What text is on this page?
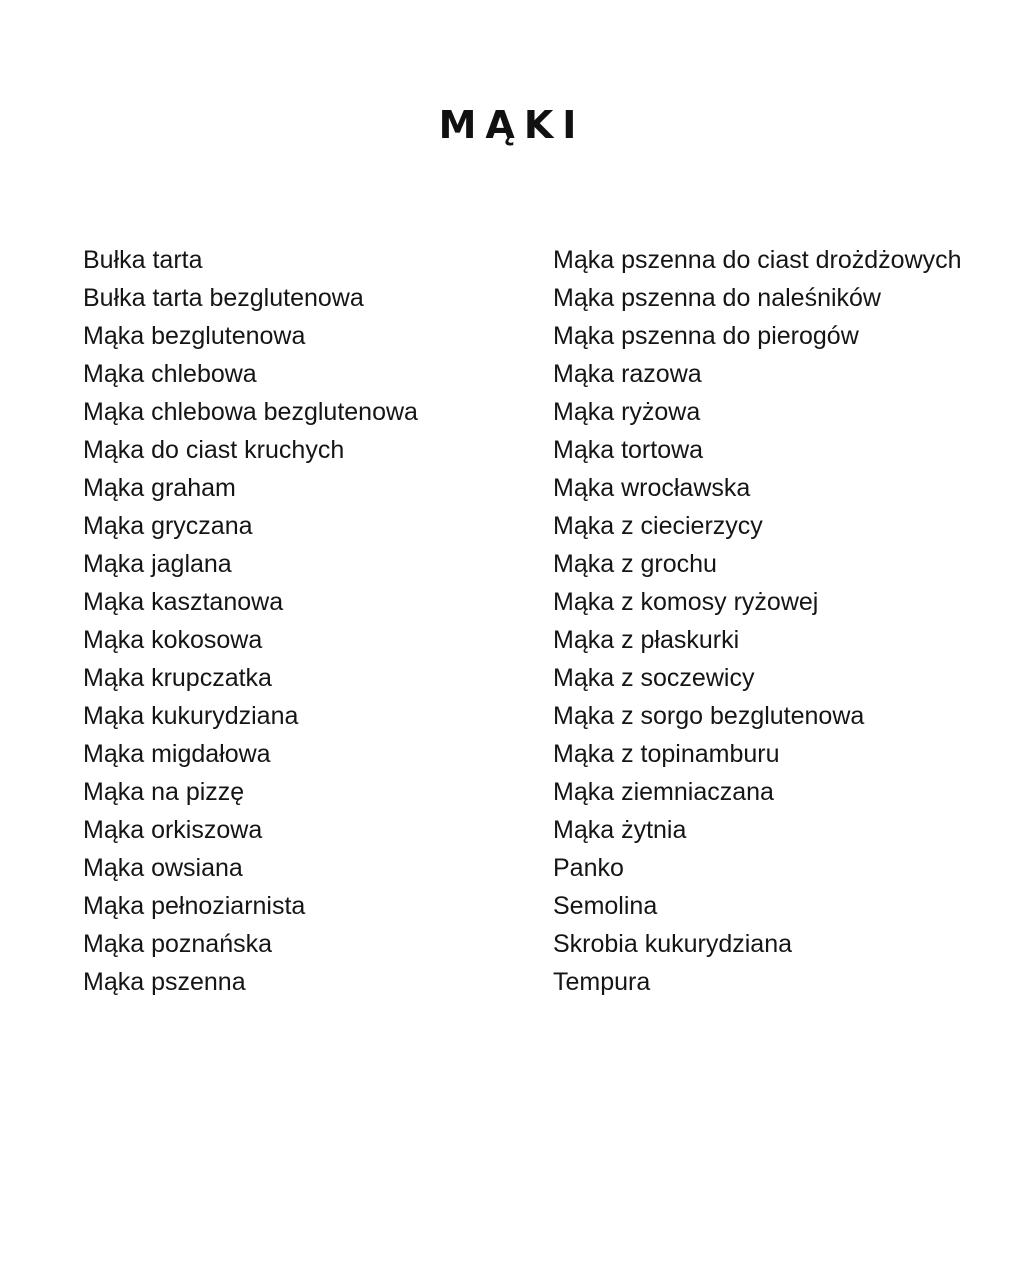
MĄKI
Bułka tarta
Bułka tarta bezglutenowa
Mąka bezglutenowa
Mąka chlebowa
Mąka chlebowa bezglutenowa
Mąka do ciast kruchych
Mąka graham
Mąka gryczana
Mąka jaglana
Mąka kasztanowa
Mąka kokosowa
Mąka krupczatka
Mąka kukurydziana
Mąka migdałowa
Mąka na pizzę
Mąka orkiszowa
Mąka owsiana
Mąka pełnoziarnista
Mąka poznańska
Mąka pszenna
Mąka pszenna do ciast drożdżowych
Mąka pszenna do naleśników
Mąka pszenna do pierogów
Mąka razowa
Mąka ryżowa
Mąka tortowa
Mąka wrocławska
Mąka z ciecierzycy
Mąka z grochu
Mąka z komosy ryżowej
Mąka z płaskurki
Mąka z soczewicy
Mąka z sorgo bezglutenowa
Mąka z topinamburu
Mąka ziemniaczana
Mąka żytnia
Panko
Semolina
Skrobia kukurydziana
Tempura
